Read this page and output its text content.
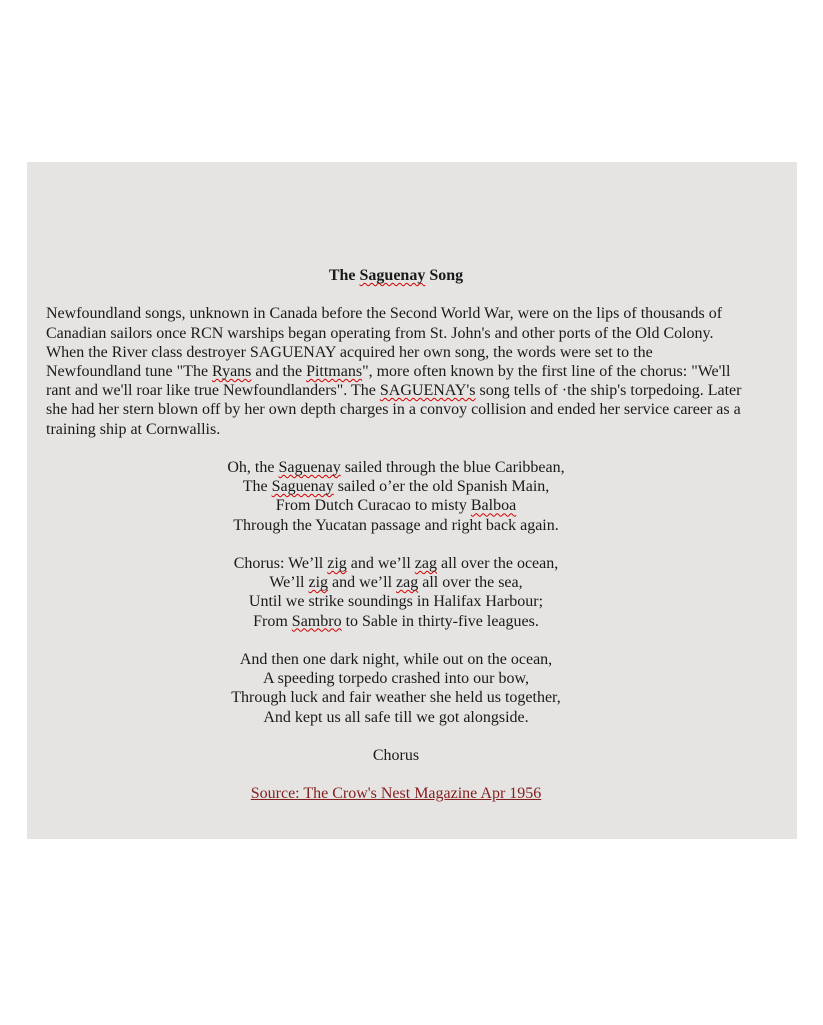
The Saguenay Song

Newfoundland songs, unknown in Canada before the Second World War, were on the lips of thousands of Canadian sailors once RCN warships began operating from St. John's and other ports of the Old Colony. When the River class destroyer SAGUENAY acquired her own song, the words were set to the Newfoundland tune "The Ryans and the Pittmans", more often known by the first line of the chorus: "We'll rant and we'll roar like true Newfoundlanders". The SAGUENAY's song tells of ·the ship's torpedoing. Later she had her stern blown off by her own depth charges in a convoy collision and ended her service career as a training ship at Cornwallis.

Oh, the Saguenay sailed through the blue Caribbean,
The Saguenay sailed o’er the old Spanish Main,
From Dutch Curacao to misty Balboa
Through the Yucatan passage and right back again.
Chorus: We’ll zig and we’ll zag all over the ocean,
We’ll zig and we’ll zag all over the sea,
Until we strike soundings in Halifax Harbour;
From Sambro to Sable in thirty-five leagues.
And then one dark night, while out on the ocean,
A speeding torpedo crashed into our bow,
Through luck and fair weather she held us together,
And kept us all safe till we got alongside.
Chorus
Source: The Crow's Nest Magazine Apr 1956
